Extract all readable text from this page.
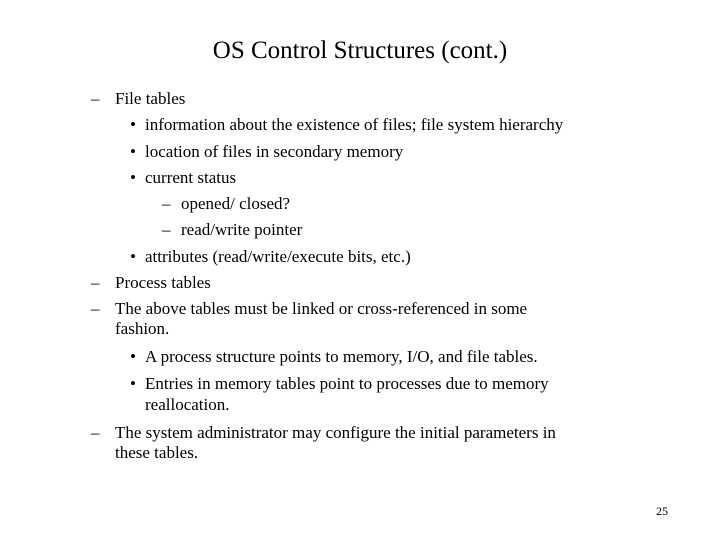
OS Control Structures (cont.)
– File tables
• information about the existence of files; file system hierarchy
• location of files in secondary memory
• current status
– opened/ closed?
– read/write pointer
• attributes (read/write/execute bits, etc.)
– Process tables
– The above tables must be linked or cross-referenced in some
fashion.
• A process structure points to memory, I/O, and file tables.
• Entries in memory tables point to processes due to memory
reallocation.
– The system administrator may configure the initial parameters in
these tables.
25
